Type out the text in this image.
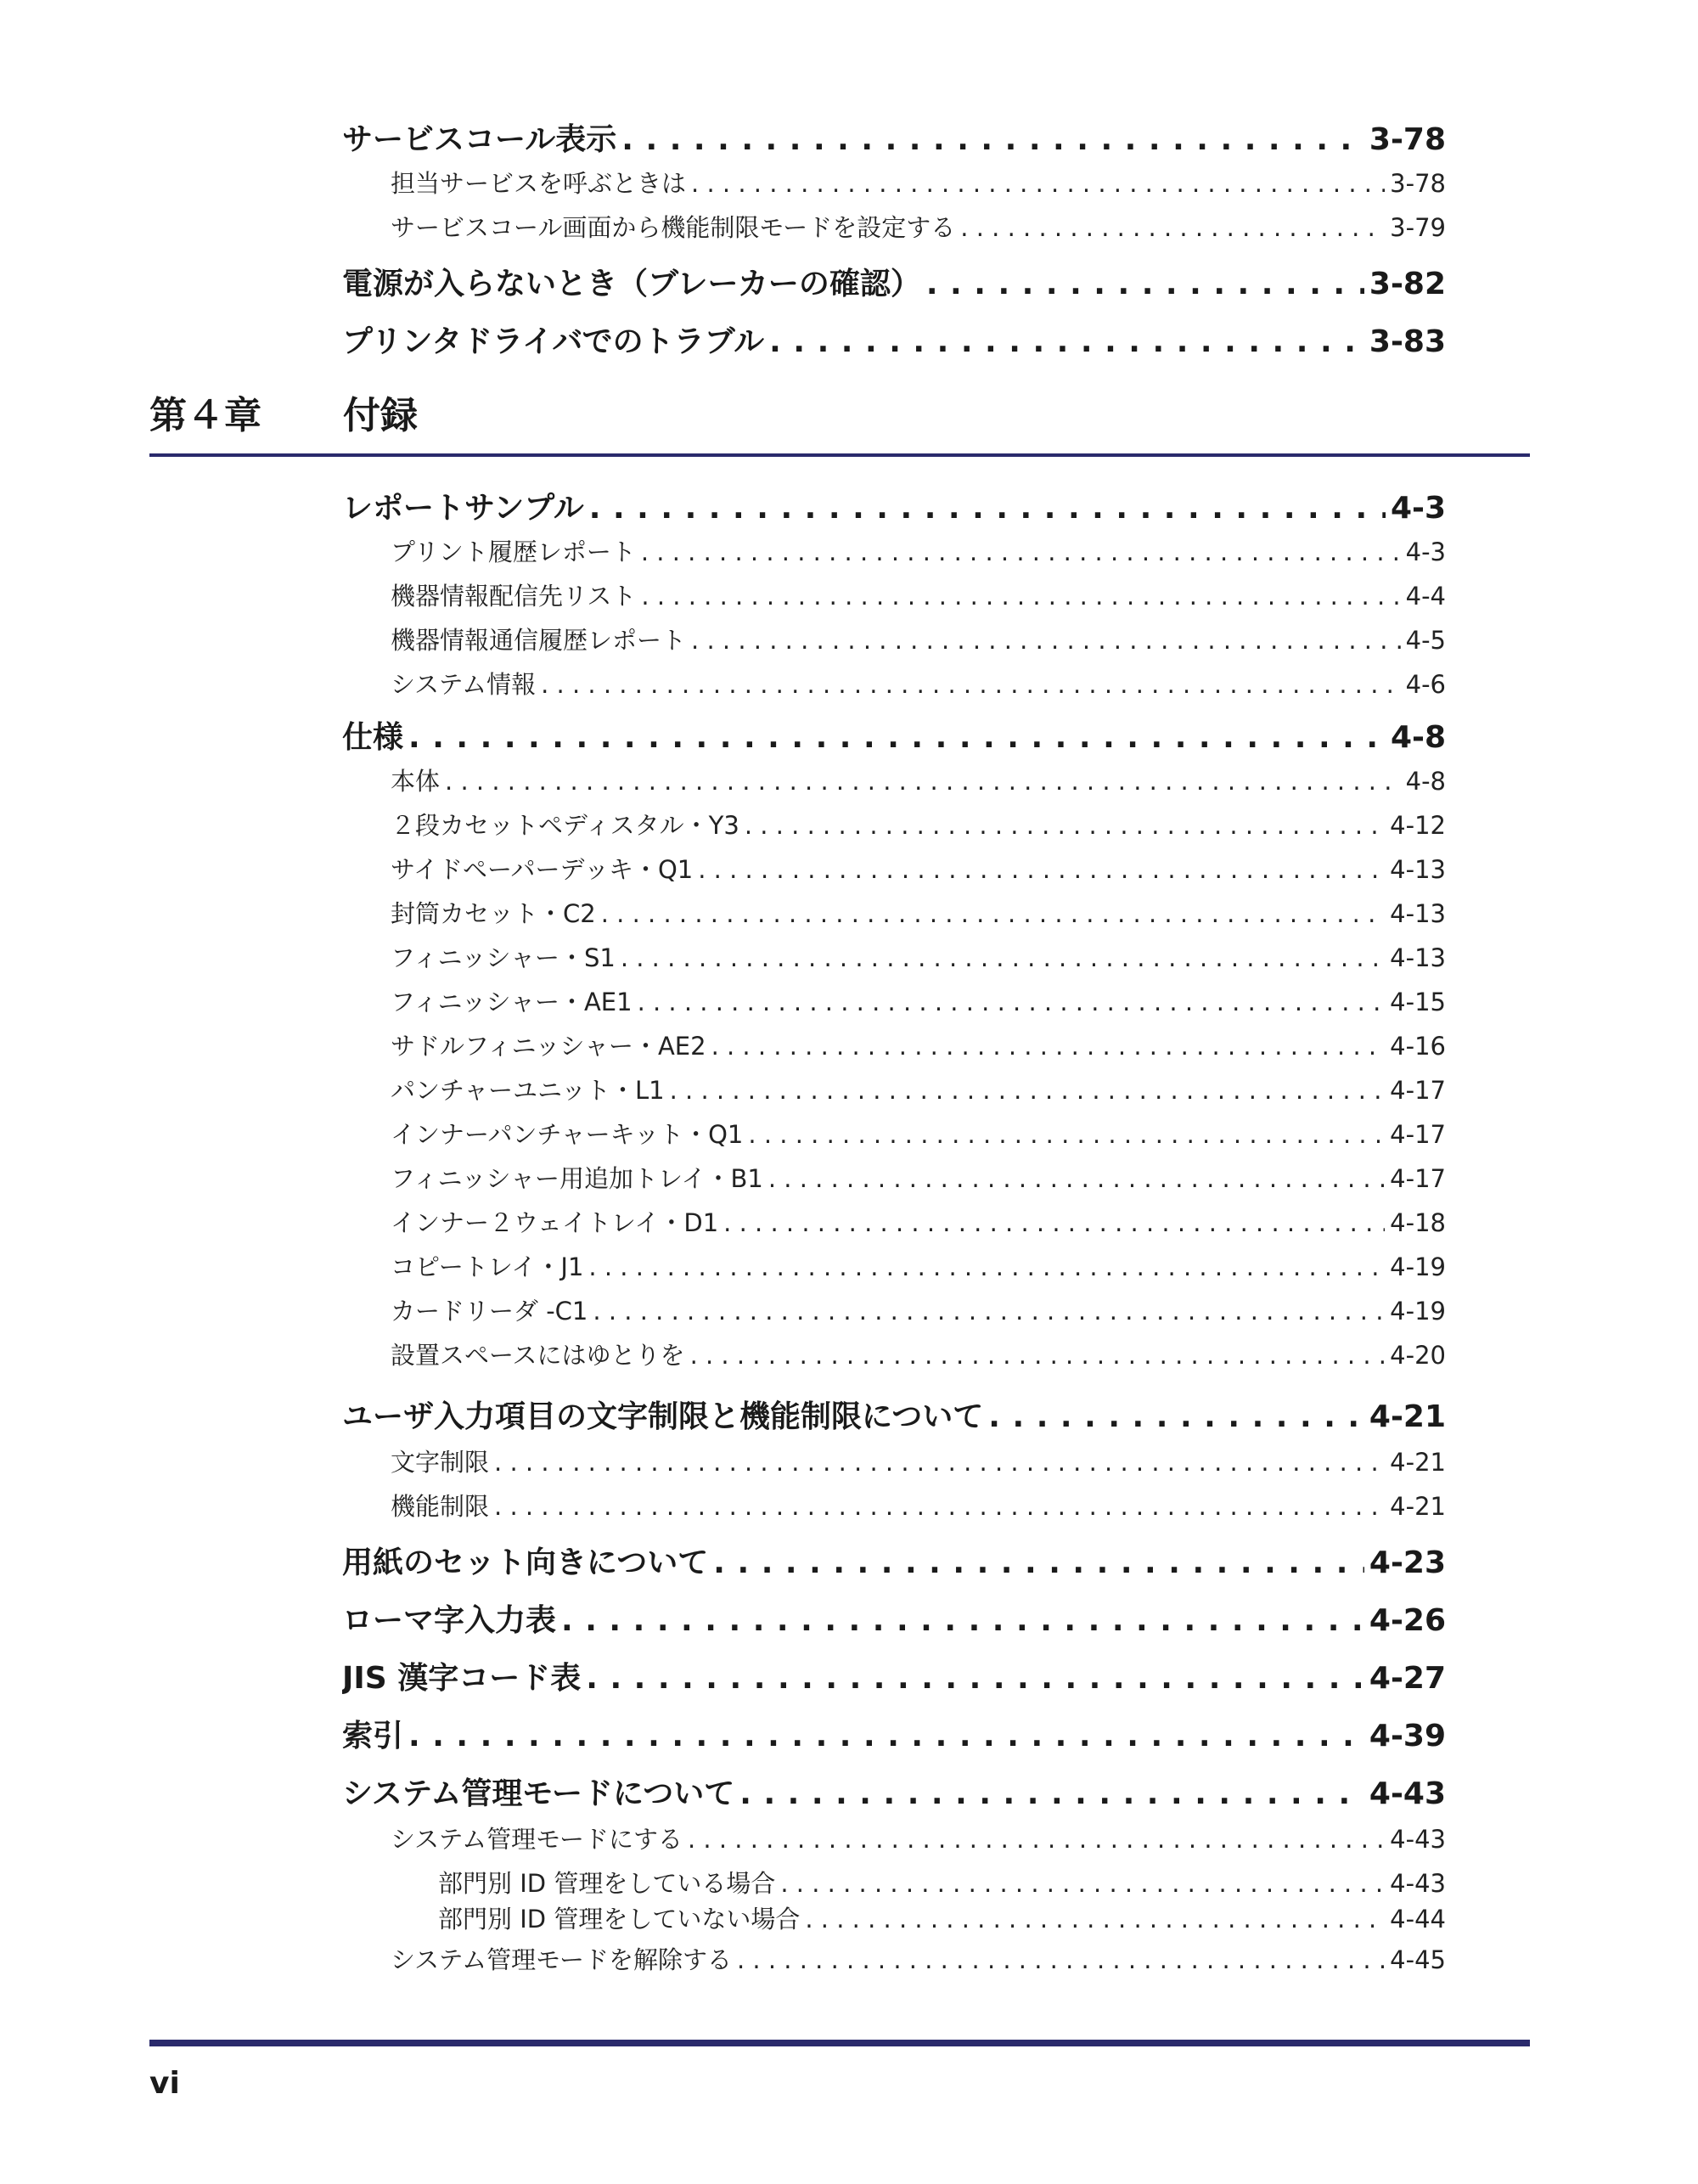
サービスコール表示 . . .	3-78
担当サービスを呼ぶときは . . .	3-78
サービスコール画面から機能制限モードを設定する . . .	3-79
電源が入らないとき（ブレーカーの確認） . . .	3-82
プリンタドライバでのトラブル . . .	3-83
第４章 付録
レポートサンプル . . .	4-3
プリント履歴レポート . . .	4-3
機器情報配信先リスト . . .	4-4
機器情報通信履歴レポート . . .	4-5
システム情報 . . .	4-6
仕様 . . .	4-8
本体 . . .	4-8
２段カセットペディスタル・Y3 . . .	4-12
サイドペーパーデッキ・Q1 . . .	4-13
封筒カセット・C2 . . .	4-13
フィニッシャー・S1 . . .	4-13
フィニッシャー・AE1 . . .	4-15
サドルフィニッシャー・AE2 . . .	4-16
パンチャーユニット・L1 . . .	4-17
インナーパンチャーキット・Q1 . . .	4-17
フィニッシャー用追加トレイ・B1 . . .	4-17
インナー２ウェイトレイ・D1 . . .	4-18
コピートレイ・J1 . . .	4-19
カードリーダ -C1 . . .	4-19
設置スペースにはゆとりを . . .	4-20
ユーザ入力項目の文字制限と機能制限について . . .	4-21
文字制限 . . .	4-21
機能制限 . . .	4-21
用紙のセット向きについて . . .	4-23
ローマ字入力表 . . .	4-26
JIS 漢字コード表 . . .	4-27
索引 . . .	4-39
システム管理モードについて . . .	4-43
システム管理モードにする . . .	4-43
部門別 ID 管理をしている場合 . . .	4-43
部門別 ID 管理をしていない場合 . . .	4-44
システム管理モードを解除する . . .	4-45
vi
